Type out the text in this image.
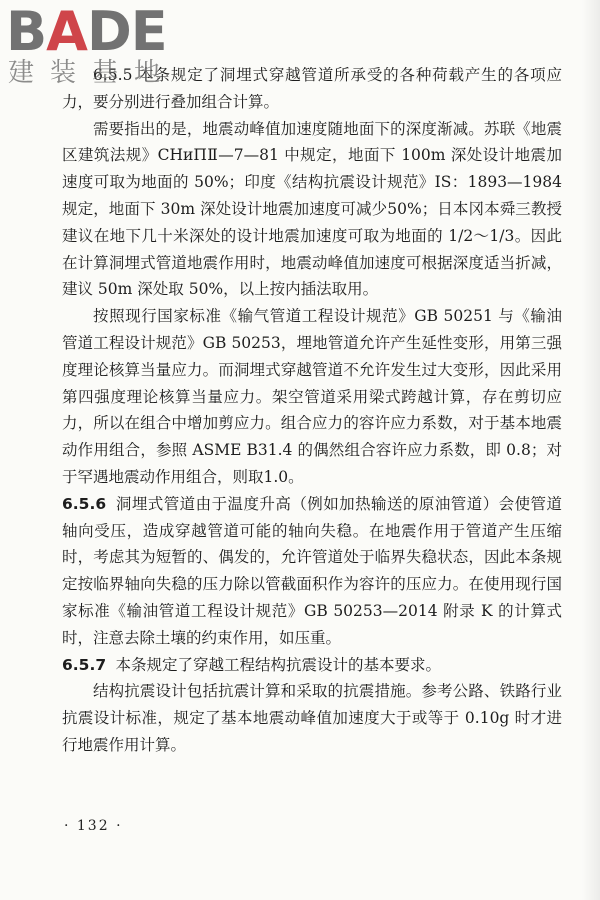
BADE
建装基地

6.5.5 本条规定了洞埋式穿越管道所承受的各种荷载产生的各项应力，要分别进行叠加组合计算。

需要指出的是，地震动峰值加速度随地面下的深度渐减。苏联《地震区建筑法规》СНиПⅡ—7—81 中规定，地面下 100m 深处设计地震加速度可取为地面的 50%；印度《结构抗震设计规范》IS：1893—1984 规定，地面下 30m 深处设计地震加速度可减少50%；日本冈本舜三教授建议在地下几十米深处的设计地震加速度可取为地面的 1/2～1/3。因此在计算洞埋式管道地震作用时，地震动峰值加速度可根据深度适当折减，建议 50m 深处取 50%，以上按内插法取用。

按照现行国家标准《输气管道工程设计规范》GB 50251 与《输油管道工程设计规范》GB 50253，埋地管道允许产生延性变形，用第三强度理论核算当量应力。而洞埋式穿越管道不允许发生过大变形，因此采用第四强度理论核算当量应力。架空管道采用梁式跨越计算，存在剪切应力，所以在组合中增加剪应力。组合应力的容许应力系数，对于基本地震动作用组合，参照 ASME B31.4 的偶然组合容许应力系数，即 0.8；对于罕遇地震动作用组合，则取1.0。

6.5.6 洞埋式管道由于温度升高（例如加热输送的原油管道）会使管道轴向受压，造成穿越管道可能的轴向失稳。在地震作用于管道产生压缩时，考虑其为短暂的、偶发的，允许管道处于临界失稳状态，因此本条规定按临界轴向失稳的压力除以管截面积作为容许的压应力。在使用现行国家标准《输油管道工程设计规范》GB 50253—2014 附录 K 的计算式时，注意去除土壤的约束作用，如压重。

6.5.7 本条规定了穿越工程结构抗震设计的基本要求。

结构抗震设计包括抗震计算和采取的抗震措施。参考公路、铁路行业抗震设计标准，规定了基本地震动峰值加速度大于或等于 0.10g 时才进行地震作用计算。

· 132 ·
